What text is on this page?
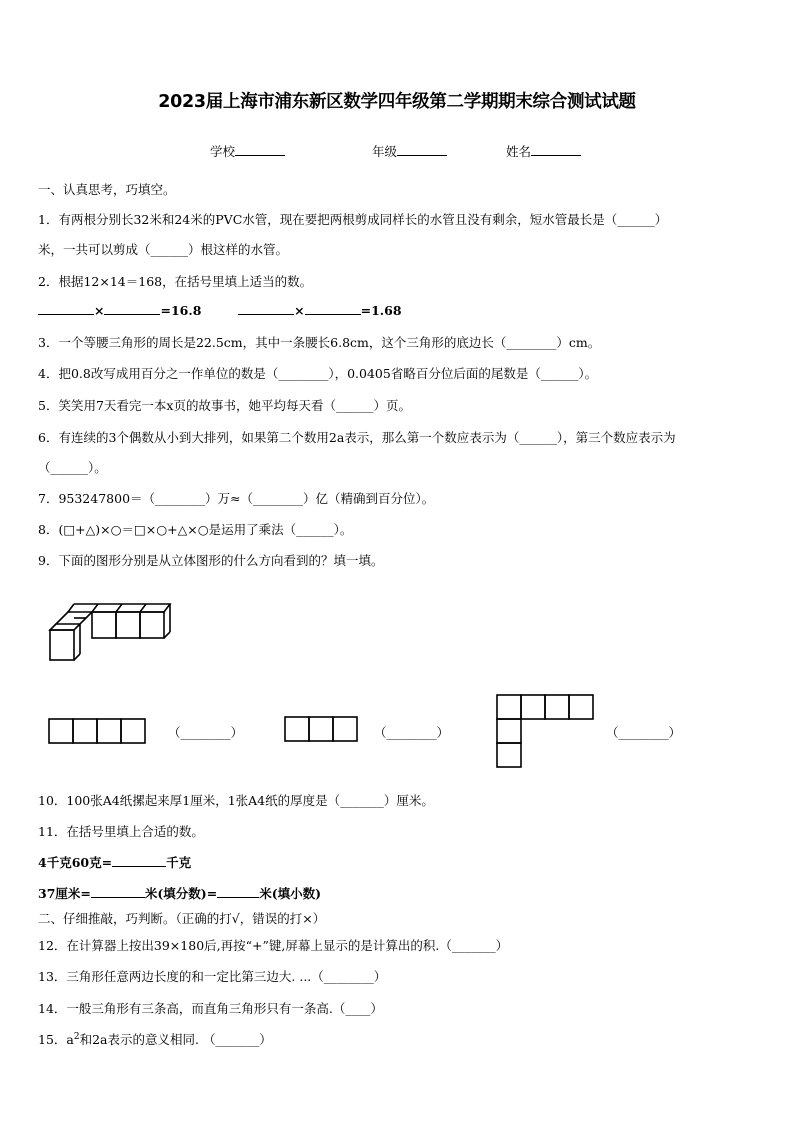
2023届上海市浦东新区数学四年级第二学期期末综合测试试题
学校	年级	姓名
一、认真思考，巧填空。
1．有两根分别长32米和24米的PVC水管，现在要把两根剪成同样长的水管且没有剩余，短水管最长是（______）
米，一共可以剪成（______）根这样的水管。
2．根据12×14＝168，在括号里填上适当的数。
×	=16.8	×	=1.68
3．一个等腰三角形的周长是22.5cm，其中一条腰长6.8cm，这个三角形的底边长（________）cm。
4．把0.8改写成用百分之一作单位的数是（________），0.0405省略百分位后面的尾数是（______）。
5．笑笑用7天看完一本x页的故事书，她平均每天看（______）页。
6．有连续的3个偶数从小到大排列，如果第二个数用2a表示，那么第一个数应表示为（______），第三个数应表示为
（______）。
7．953247800＝（________）万≈（________）亿（精确到百分位）。
8．(□+△)×○＝□×○+△×○是运用了乘法（______）。
9．下面的图形分别是从立体图形的什么方向看到的？填一填。
（________）	（________）	（________）
10．100张A4纸摞起来厚1厘米，1张A4纸的厚度是（_______）厘米。
11．在括号里填上合适的数。
4千克60克=	千克
37厘米=	米(填分数)=	米(填小数)
二、仔细推敲，巧判断。（正确的打√，错误的打×）
12．在计算器上按出39×180后,再按“+”键,屏幕上显示的是计算出的积.（_______）
13．三角形任意两边长度的和一定比第三边大. ...（________）
14．一般三角形有三条高，而直角三角形只有一条高.（____）
15．$a^2$和2a表示的意义相同. （_______）
